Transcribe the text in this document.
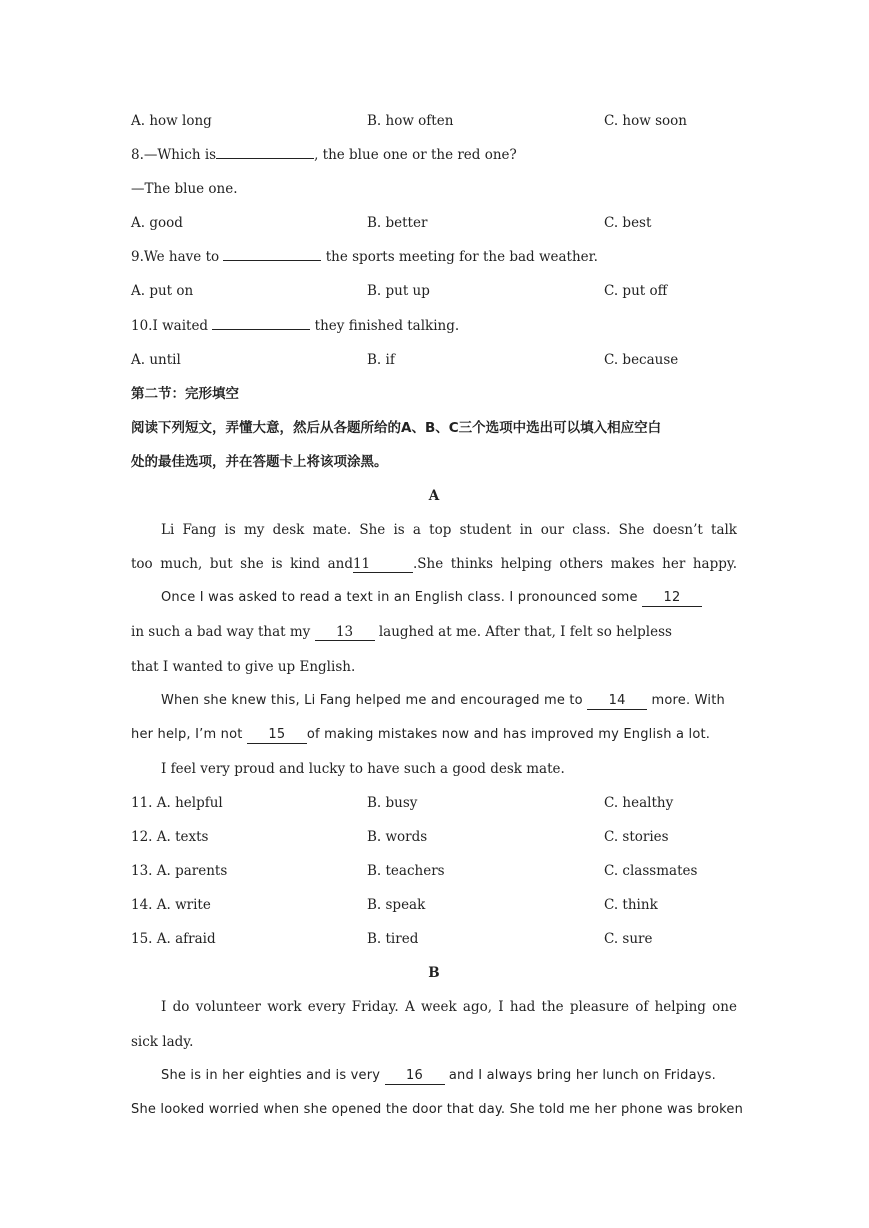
A. how long	B. how often	C. how soon
8.—Which is	, the blue one or the red one?
—The blue one.
A. good	B. better	C. best
9.We have to	the sports meeting for the bad weather.
A. put on	B. put up	C. put off
10.I waited	they finished talking.
A. until	B. if	C. because
第二节：完形填空
阅读下列短文，弄懂大意，然后从各题所给的A、B、C三个选项中选出可以填入相应空白
处的最佳选项，并在答题卡上将该项涂黑。
A
Li Fang is my desk mate. She is a top student in our class. She doesn’t talk
too much, but she is kind and11	.She thinks helping others makes her happy.
Once I was asked to read a text in an English class. I pronounced some 12
in such a bad way that my 13 laughed at me. After that, I felt so helpless
that I wanted to give up English.
When she knew this, Li Fang helped me and encouraged me to 14 more. With
her help, I’m not 15 of making mistakes now and has improved my English a lot.
I feel very proud and lucky to have such a good desk mate.
11. A. helpful	B. busy	C. healthy
12. A. texts	B. words	C. stories
13. A. parents	B. teachers	C. classmates
14. A. write	B. speak	C. think
15. A. afraid	B. tired	C. sure
B
I do volunteer work every Friday. A week ago, I had the pleasure of helping one
sick lady.
She is in her eighties and is very 16 and I always bring her lunch on Fridays.
She looked worried when she opened the door that day. She told me her phone was broken
